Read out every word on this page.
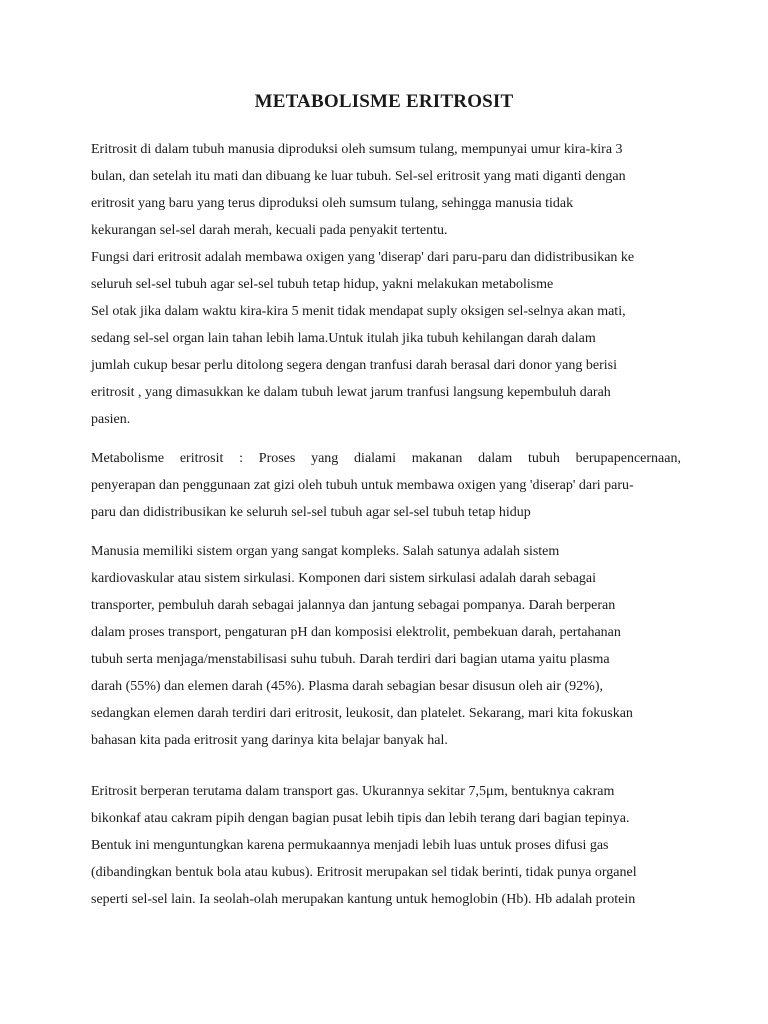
METABOLISME ERITROSIT
Eritrosit di dalam tubuh manusia diproduksi oleh sumsum tulang, mempunyai umur kira-kira 3
bulan, dan setelah itu mati dan dibuang ke luar tubuh. Sel-sel eritrosit yang mati diganti dengan
eritrosit yang baru yang terus diproduksi oleh sumsum tulang, sehingga manusia tidak
kekurangan sel-sel darah merah, kecuali pada penyakit tertentu.
Fungsi dari eritrosit adalah membawa oxigen yang 'diserap' dari paru-paru dan didistribusikan ke
seluruh sel-sel tubuh agar sel-sel tubuh tetap hidup, yakni melakukan metabolisme
Sel otak jika dalam waktu kira-kira 5 menit tidak mendapat suply oksigen sel-selnya akan mati,
sedang sel-sel organ lain tahan lebih lama.Untuk itulah jika tubuh kehilangan darah dalam
jumlah cukup besar perlu ditolong segera dengan tranfusi darah berasal dari donor yang berisi
eritrosit , yang dimasukkan ke dalam tubuh lewat jarum tranfusi langsung kepembuluh darah
pasien.
Metabolisme eritrosit : Proses yang dialami makanan dalam tubuh berupapencernaan,
penyerapan dan penggunaan zat gizi oleh tubuh untuk membawa oxigen yang 'diserap' dari paru-
paru dan didistribusikan ke seluruh sel-sel tubuh agar sel-sel tubuh tetap hidup
Manusia memiliki sistem organ yang sangat kompleks. Salah satunya adalah sistem
kardiovaskular atau sistem sirkulasi. Komponen dari sistem sirkulasi adalah darah sebagai
transporter, pembuluh darah sebagai jalannya dan jantung sebagai pompanya. Darah berperan
dalam proses transport, pengaturan pH dan komposisi elektrolit, pembekuan darah, pertahanan
tubuh serta menjaga/menstabilisasi suhu tubuh. Darah terdiri dari bagian utama yaitu plasma
darah (55%) dan elemen darah (45%). Plasma darah sebagian besar disusun oleh air (92%),
sedangkan elemen darah terdiri dari eritrosit, leukosit, dan platelet. Sekarang, mari kita fokuskan
bahasan kita pada eritrosit yang darinya kita belajar banyak hal.
Eritrosit berperan terutama dalam transport gas. Ukurannya sekitar 7,5μm, bentuknya cakram
bikonkaf atau cakram pipih dengan bagian pusat lebih tipis dan lebih terang dari bagian tepinya.
Bentuk ini menguntungkan karena permukaannya menjadi lebih luas untuk proses difusi gas
(dibandingkan bentuk bola atau kubus). Eritrosit merupakan sel tidak berinti, tidak punya organel
seperti sel-sel lain. Ia seolah-olah merupakan kantung untuk hemoglobin (Hb). Hb adalah protein
